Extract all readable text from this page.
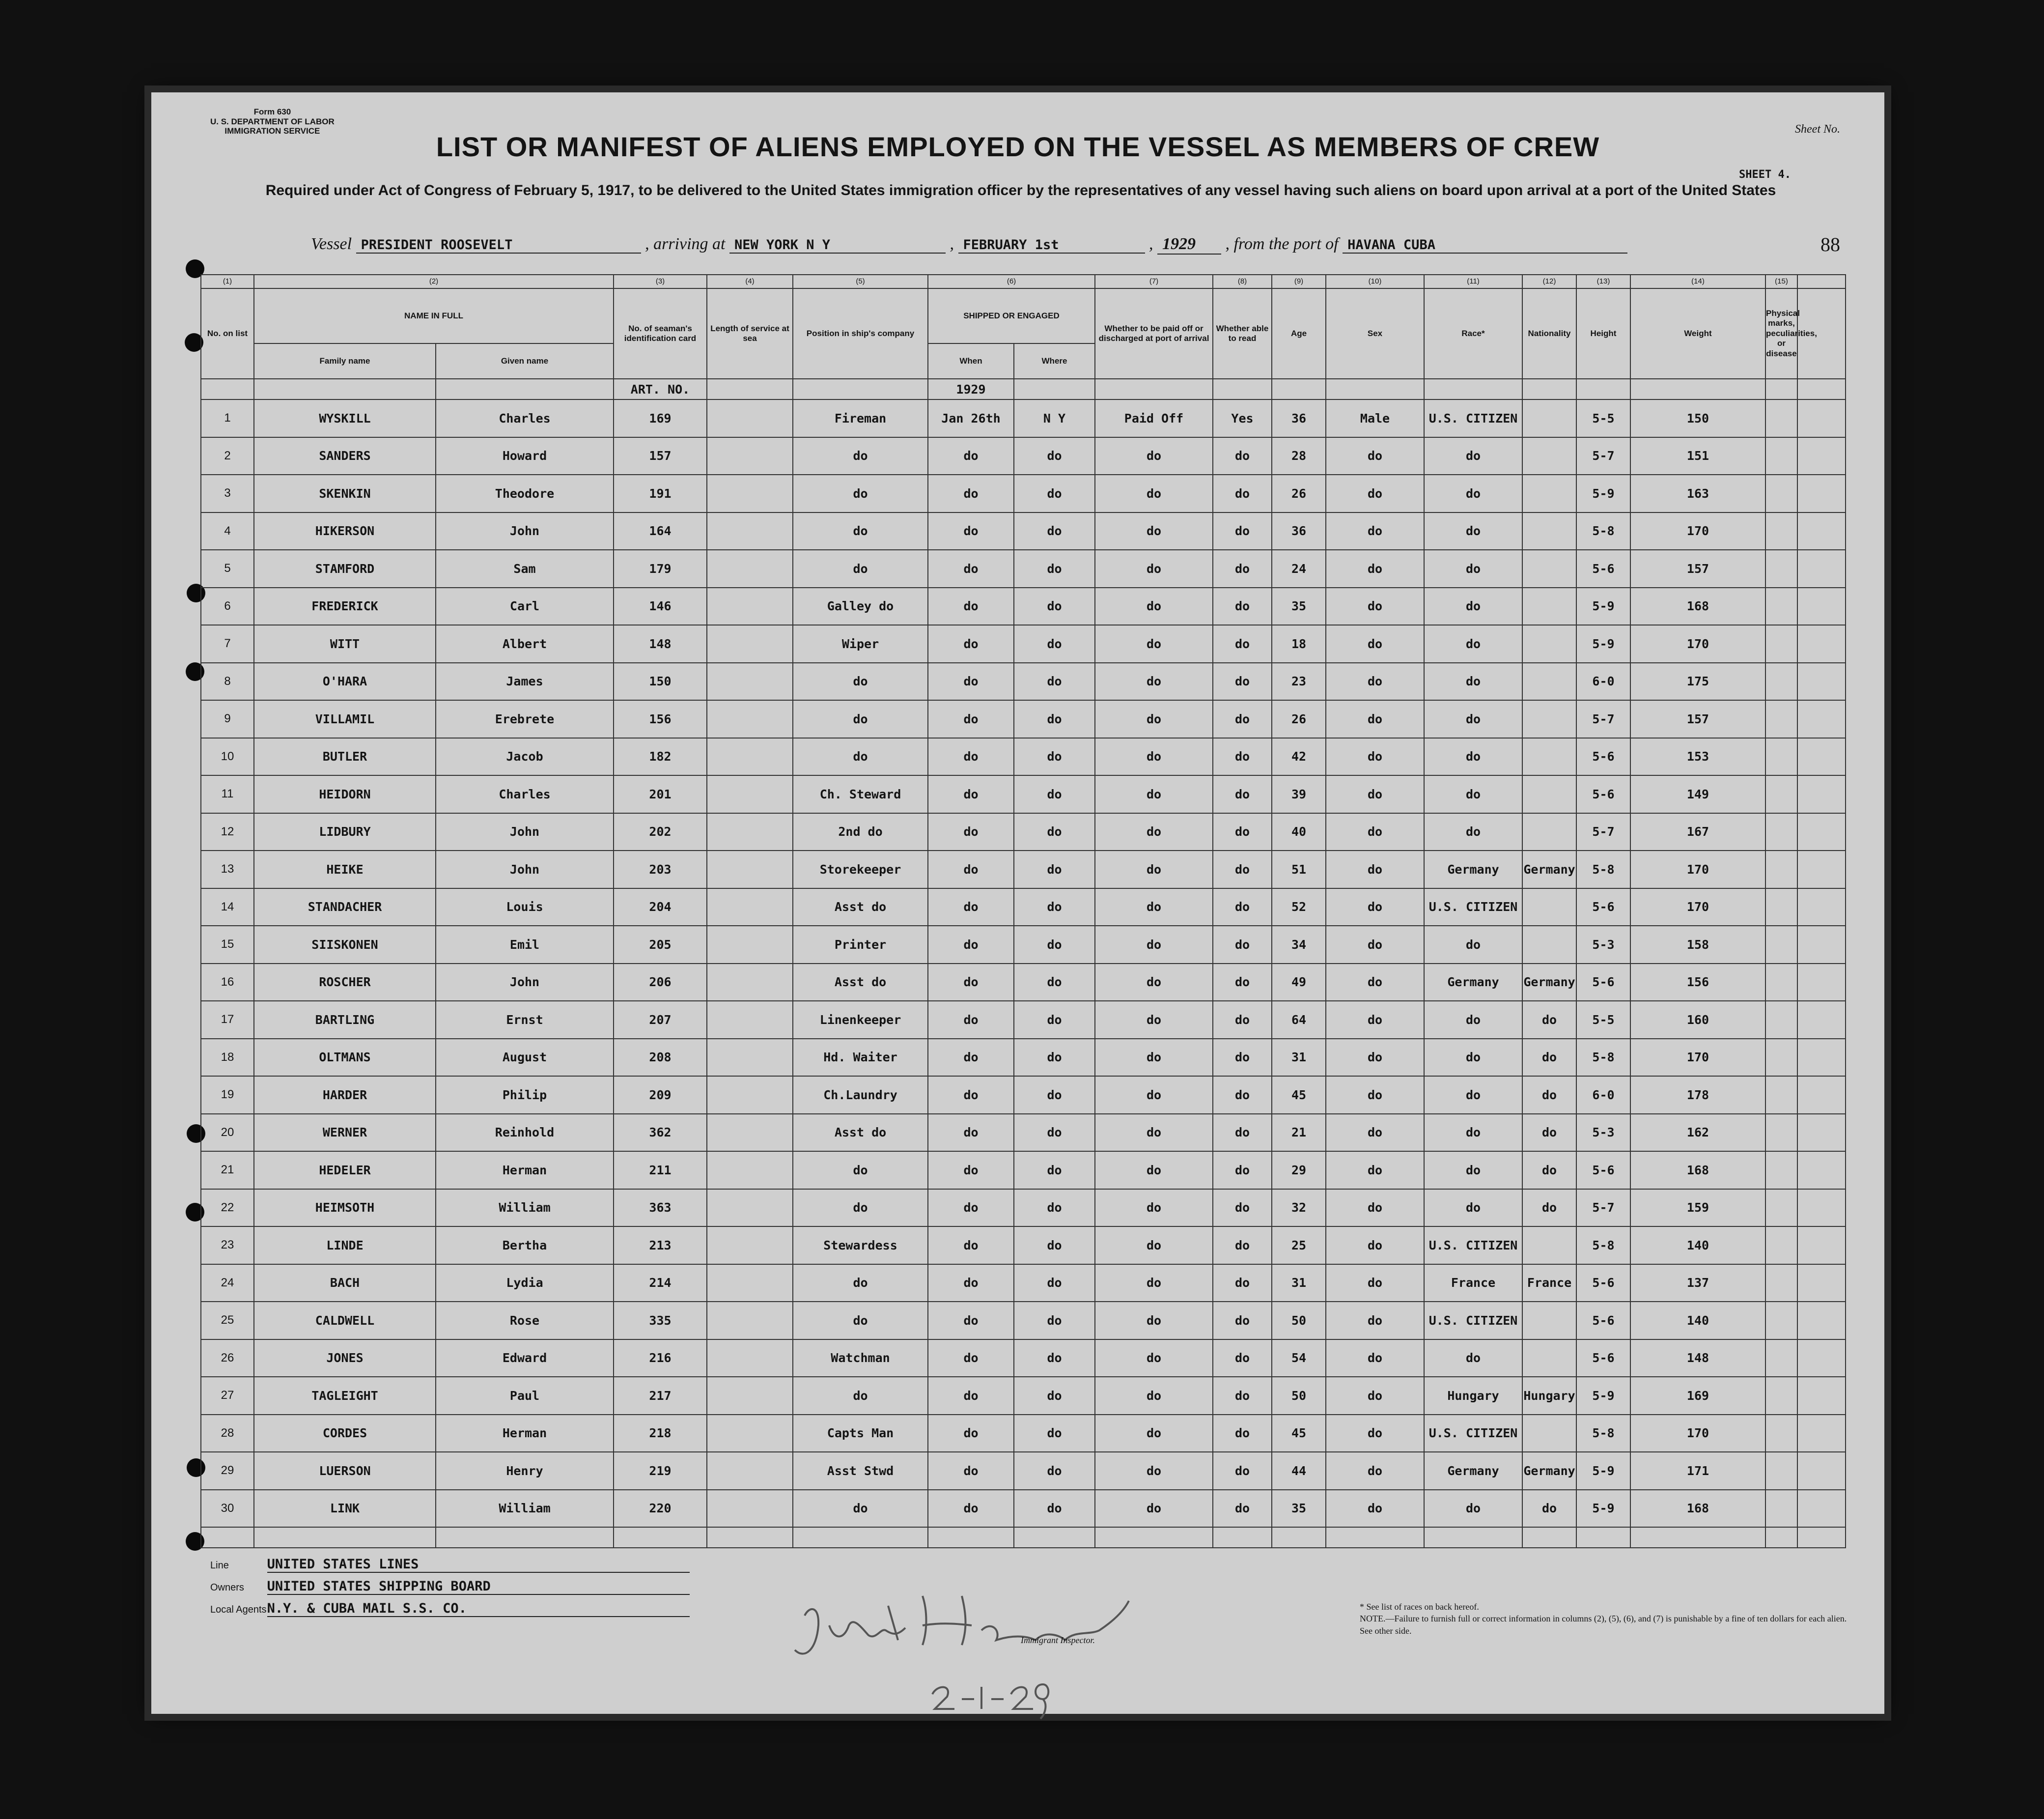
Form 630
U. S. DEPARTMENT OF LABOR
IMMIGRATION SERVICE	Sheet No.
SHEET 4.
LIST OR MANIFEST OF ALIENS EMPLOYED ON THE VESSEL AS MEMBERS OF CREW
Required under Act of Congress of February 5, 1917, to be delivered to the United States immigration officer by the representatives of any vessel having such aliens on board upon arrival at a port of the United States
Vessel PRESIDENT ROOSEVELT	, arriving at NEW YORK N Y	, FEBRUARY 1st	, 1929 , from the port of HAVANA CUBA	88
(1)	(2)		(3)	(4)	(5)	(6)		(7)	(8)	(9)	(10)	(11)	(12)	(13)	(14)	(15)	
No. on list	NAME IN FULL		No. of seaman's identification card	Length of service at sea	Position in ship's company	SHIPPED OR ENGAGED		Whether to be paid off or discharged at port of arrival	Whether able to read	Age	Sex	Race*	Nationality	Height	Weight	Physical marks, peculiarities, or disease	
	Family name	Given name				When	Where										
			ART. NO.			1929											
1	WYSKILL	Charles	169		Fireman	Jan 26th	N Y	Paid Off	Yes	36	Male	U.S. CITIZEN		5-5	150		
2	SANDERS	Howard	157		do	do	do	do	do	28	do	do		5-7	151		
3	SKENKIN	Theodore	191		do	do	do	do	do	26	do	do		5-9	163		
4	HIKERSON	John	164		do	do	do	do	do	36	do	do		5-8	170		
5	STAMFORD	Sam	179		do	do	do	do	do	24	do	do		5-6	157		
6	FREDERICK	Carl	146		Galley do	do	do	do	do	35	do	do		5-9	168		
7	WITT	Albert	148		Wiper	do	do	do	do	18	do	do		5-9	170		
8	O'HARA	James	150		do	do	do	do	do	23	do	do		6-0	175		
9	VILLAMIL	Erebrete	156		do	do	do	do	do	26	do	do		5-7	157		
10	BUTLER	Jacob	182		do	do	do	do	do	42	do	do		5-6	153		
11	HEIDORN	Charles	201		Ch. Steward	do	do	do	do	39	do	do		5-6	149		
12	LIDBURY	John	202		2nd do	do	do	do	do	40	do	do		5-7	167		
13	HEIKE	John	203		Storekeeper	do	do	do	do	51	do	Germany	Germany	5-8	170		
14	STANDACHER	Louis	204		Asst do	do	do	do	do	52	do	U.S. CITIZEN		5-6	170		
15	SIISKONEN	Emil	205		Printer	do	do	do	do	34	do	do		5-3	158		
16	ROSCHER	John	206		Asst do	do	do	do	do	49	do	Germany	Germany	5-6	156		
17	BARTLING	Ernst	207		Linenkeeper	do	do	do	do	64	do	do	do	5-5	160		
18	OLTMANS	August	208		Hd. Waiter	do	do	do	do	31	do	do	do	5-8	170		
19	HARDER	Philip	209		Ch.Laundry	do	do	do	do	45	do	do	do	6-0	178		
20	WERNER	Reinhold	362		Asst do	do	do	do	do	21	do	do	do	5-3	162		
21	HEDELER	Herman	211		do	do	do	do	do	29	do	do	do	5-6	168		
22	HEIMSOTH	William	363		do	do	do	do	do	32	do	do	do	5-7	159		
23	LINDE	Bertha	213		Stewardess	do	do	do	do	25	do	U.S. CITIZEN		5-8	140		
24	BACH	Lydia	214		do	do	do	do	do	31	do	France	France	5-6	137		
25	CALDWELL	Rose	335		do	do	do	do	do	50	do	U.S. CITIZEN		5-6	140		
26	JONES	Edward	216		Watchman	do	do	do	do	54	do	do		5-6	148		
27	TAGLEIGHT	Paul	217		do	do	do	do	do	50	do	Hungary	Hungary	5-9	169		
28	CORDES	Herman	218		Capts Man	do	do	do	do	45	do	U.S. CITIZEN		5-8	170		
29	LUERSON	Henry	219		Asst Stwd	do	do	do	do	44	do	Germany	Germany	5-9	171		
30	LINK	William	220		do	do	do	do	do	35	do	do	do	5-9	168		

Line	UNITED STATES LINES
Owners UNITED STATES SHIPPING BOARD
Local Agents N.Y. & CUBA MAIL S.S. CO.
Immigrant Inspector.
* See list of races on back hereof.
NOTE.—Failure to furnish full or correct information in columns (2), (5), (6), and (7) is punishable by a fine of ten dollars for each alien. See other side.
